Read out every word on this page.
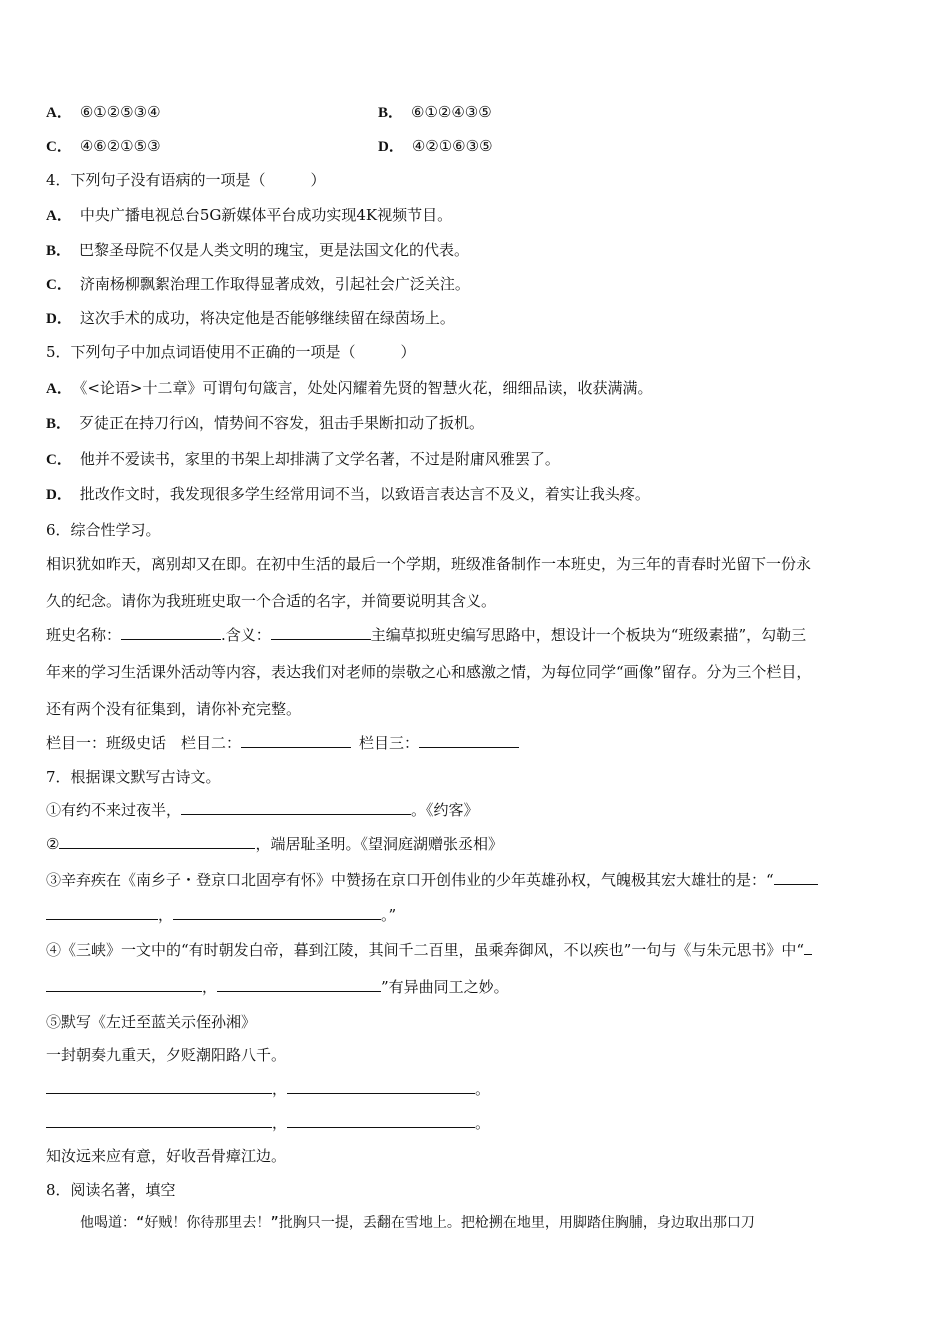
A． ⑥①②⑤③④	B． ⑥①②④③⑤
C． ④⑥②①⑤③	D． ④②①⑥③⑤
4．下列句子没有语病的一项是（　　　）
A． 中央广播电视总台5G新媒体平台成功实现4K视频节目。
B． 巴黎圣母院不仅是人类文明的瑰宝，更是法国文化的代表。
C． 济南杨柳飘絮治理工作取得显著成效，引起社会广泛关注。
D． 这次手术的成功，将决定他是否能够继续留在绿茵场上。
5．下列句子中加点词语使用不正确的一项是（　　　）
A． 《<论语>十二章》可谓句句箴言，处处闪耀着先贤的智慧火花，细细品读，收获满满。
B． 歹徒正在持刀行凶，情势间不容发，狙击手果断扣动了扳机。
C． 他并不爱读书，家里的书架上却排满了文学名著，不过是附庸风雅罢了。
D． 批改作文时，我发现很多学生经常用词不当，以致语言表达言不及义，着实让我头疼。
6．综合性学习。
相识犹如昨天，离别却又在即。在初中生活的最后一个学期，班级准备制作一本班史，为三年的青春时光留下一份永
久的纪念。请你为我班班史取一个合适的名字，并简要说明其含义。
班史名称：	.含义：	主编草拟班史编写思路中，想设计一个板块为“班级素描”，勾勒三
年来的学习生活课外活动等内容，表达我们对老师的崇敬之心和感激之情，为每位同学“画像”留存。分为三个栏目，
还有两个没有征集到，请你补充完整。
栏目一：班级史话　栏目二：	栏目三：
7．根据课文默写古诗文。
①有约不来过夜半，	。《约客》
②	，端居耻圣明。《望洞庭湖赠张丞相》
③辛弃疾在《南乡子・登京口北固亭有怀》中赞扬在京口开创伟业的少年英雄孙权，气魄极其宏大雄壮的是：“
，	。”
④《三峡》一文中的“有时朝发白帝，暮到江陵，其间千二百里，虽乘奔御风，不以疾也”一句与《与朱元思书》中“
，	”有异曲同工之妙。
⑤默写《左迁至蓝关示侄孙湘》
一封朝奏九重天，夕贬潮阳路八千。
，	。
，	。
知汝远来应有意，好收吾骨瘴江边。
8．阅读名著，填空
他喝道：“好贼！你待那里去！”批胸只一提，丢翻在雪地上。把枪搠在地里，用脚踏住胸脯，身边取出那口刀
